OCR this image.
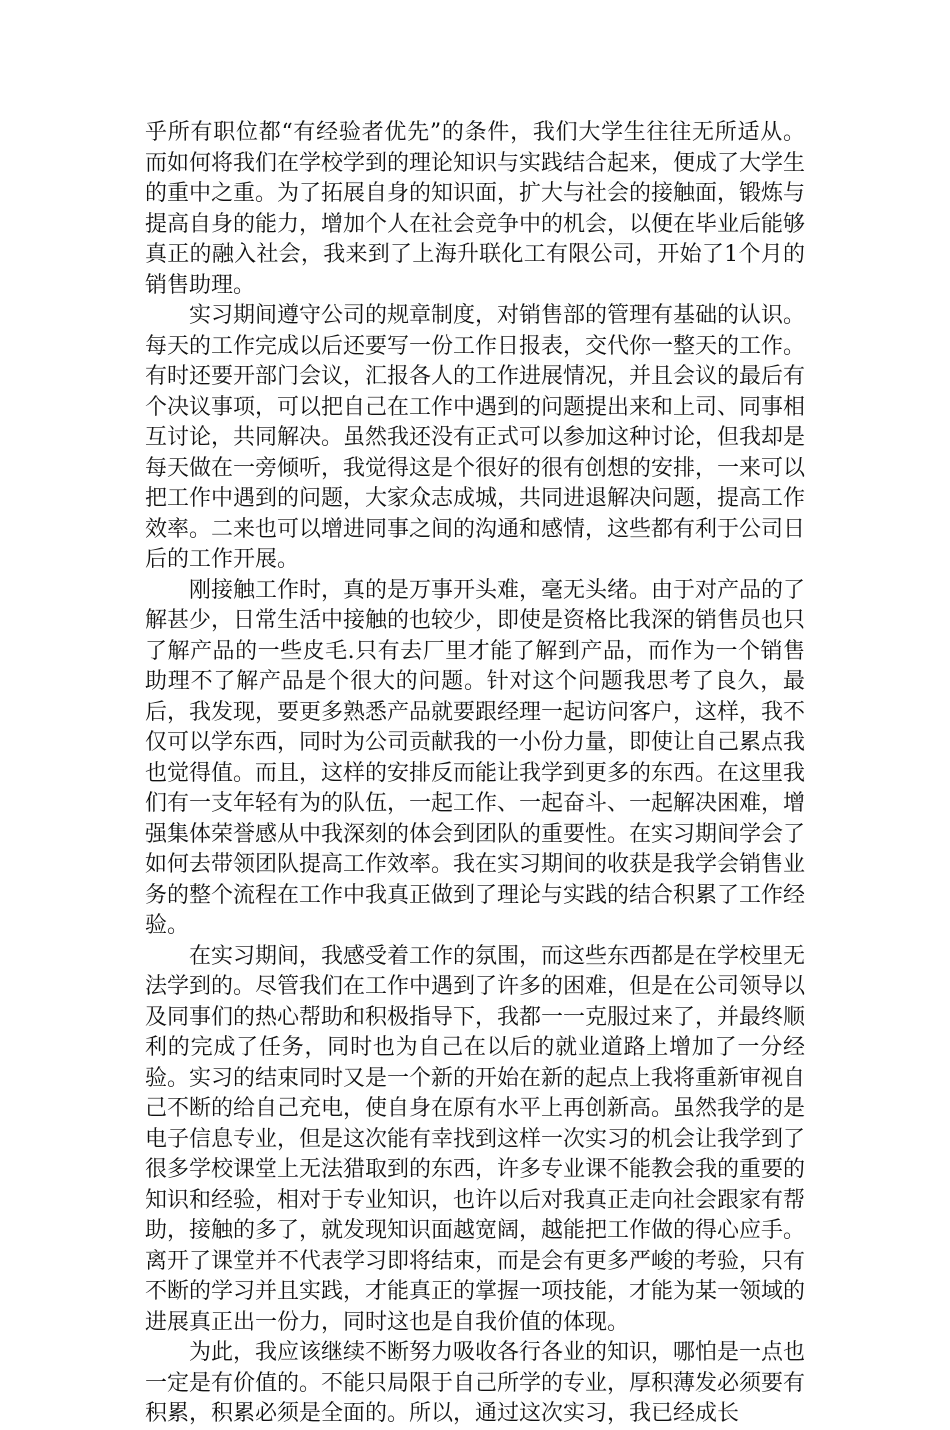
乎所有职位都“有经验者优先”的条件，我们大学生往往无所适从。而如何将我们在学校学到的理论知识与实践结合起来，便成了大学生的重中之重。为了拓展自身的知识面，扩大与社会的接触面，锻炼与提高自身的能力，增加个人在社会竞争中的机会，以便在毕业后能够真正的融入社会，我来到了上海升联化工有限公司，开始了1个月的销售助理。

实习期间遵守公司的规章制度，对销售部的管理有基础的认识。每天的工作完成以后还要写一份工作日报表，交代你一整天的工作。有时还要开部门会议，汇报各人的工作进展情况，并且会议的最后有个决议事项，可以把自己在工作中遇到的问题提出来和上司、同事相互讨论，共同解决。虽然我还没有正式可以参加这种讨论，但我却是每天做在一旁倾听，我觉得这是个很好的很有创想的安排，一来可以把工作中遇到的问题，大家众志成城，共同进退解决问题，提高工作效率。二来也可以增进同事之间的沟通和感情，这些都有利于公司日后的工作开展。

刚接触工作时，真的是万事开头难，毫无头绪。由于对产品的了解甚少，日常生活中接触的也较少，即使是资格比我深的销售员也只了解产品的一些皮毛.只有去厂里才能了解到产品，而作为一个销售助理不了解产品是个很大的问题。针对这个问题我思考了良久，最后，我发现，要更多熟悉产品就要跟经理一起访问客户，这样，我不仅可以学东西，同时为公司贡献我的一小份力量，即使让自己累点我也觉得值。而且，这样的安排反而能让我学到更多的东西。在这里我们有一支年轻有为的队伍，一起工作、一起奋斗、一起解决困难，增强集体荣誉感从中我深刻的体会到团队的重要性。在实习期间学会了如何去带领团队提高工作效率。我在实习期间的收获是我学会销售业务的整个流程在工作中我真正做到了理论与实践的结合积累了工作经验。

在实习期间，我感受着工作的氛围，而这些东西都是在学校里无法学到的。尽管我们在工作中遇到了许多的困难，但是在公司领导以及同事们的热心帮助和积极指导下，我都一一克服过来了，并最终顺利的完成了任务，同时也为自己在以后的就业道路上增加了一分经验。实习的结束同时又是一个新的开始在新的起点上我将重新审视自己不断的给自己充电，使自身在原有水平上再创新高。虽然我学的是电子信息专业，但是这次能有幸找到这样一次实习的机会让我学到了很多学校课堂上无法猎取到的东西，许多专业课不能教会我的重要的知识和经验，相对于专业知识，也许以后对我真正走向社会跟家有帮助，接触的多了，就发现知识面越宽阔，越能把工作做的得心应手。离开了课堂并不代表学习即将结束，而是会有更多严峻的考验，只有不断的学习并且实践，才能真正的掌握一项技能，才能为某一领域的进展真正出一份力，同时这也是自我价值的体现。

为此，我应该继续不断努力吸收各行各业的知识，哪怕是一点也一定是有价值的。不能只局限于自己所学的专业，厚积薄发必须要有积累，积累必须是全面的。所以，通过这次实习，我已经成长
